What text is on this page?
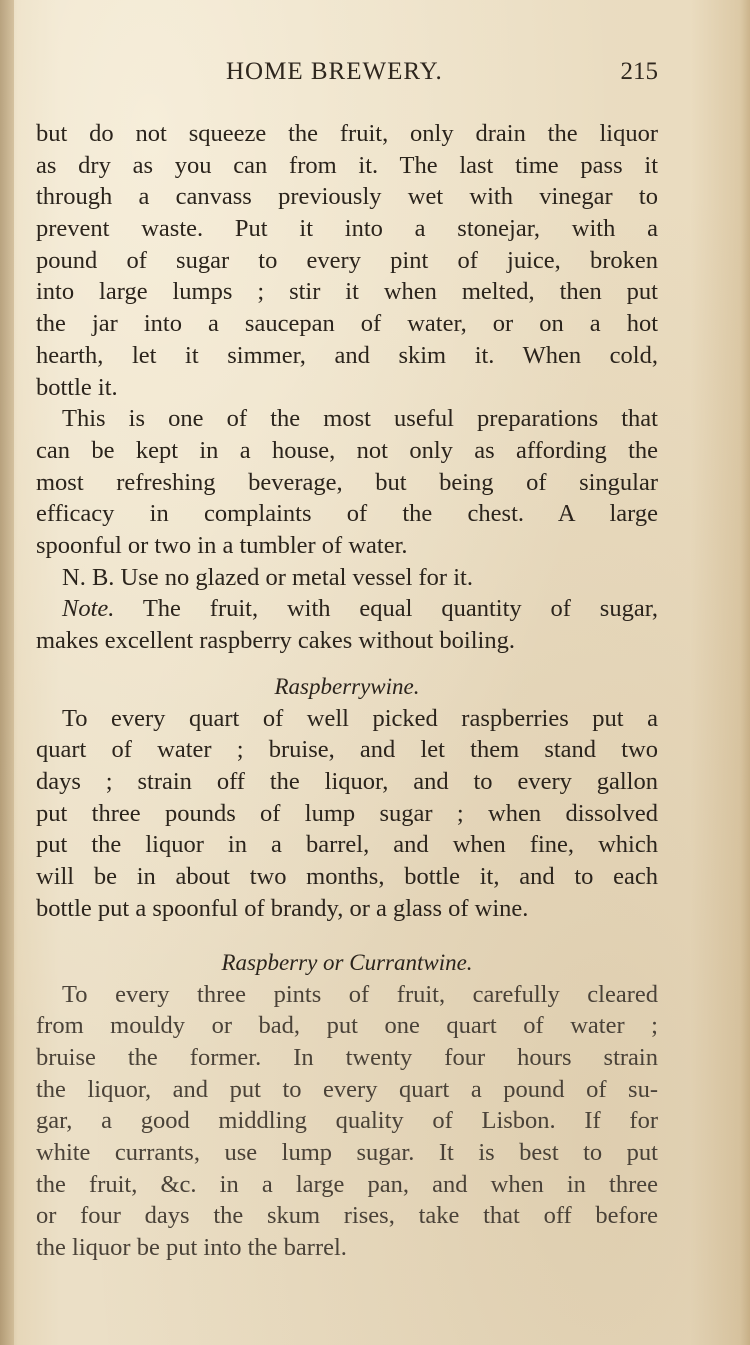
HOME BREWERY.	215
but do not squeeze the fruit, only drain the liquor
as dry as you can from it. The last time pass it
through a canvass previously wet with vinegar to
prevent waste. Put it into a stonejar, with a
pound of sugar to every pint of juice, broken
into large lumps ; stir it when melted, then put
the jar into a saucepan of water, or on a hot
hearth, let it simmer, and skim it. When cold,
bottle it.
This is one of the most useful preparations that
can be kept in a house, not only as affording the
most refreshing beverage, but being of singular
efficacy in complaints of the chest. A large
spoonful or two in a tumbler of water.
N. B. Use no glazed or metal vessel for it.
Note. The fruit, with equal quantity of sugar,
makes excellent raspberry cakes without boiling.
Raspberrywine.
To every quart of well picked raspberries put a
quart of water ; bruise, and let them stand two
days ; strain off the liquor, and to every gallon
put three pounds of lump sugar ; when dissolved
put the liquor in a barrel, and when fine, which
will be in about two months, bottle it, and to each
bottle put a spoonful of brandy, or a glass of wine.
Raspberry or Currantwine.
To every three pints of fruit, carefully cleared
from mouldy or bad, put one quart of water ;
bruise the former. In twenty four hours strain
the liquor, and put to every quart a pound of su-
gar, a good middling quality of Lisbon. If for
white currants, use lump sugar. It is best to put
the fruit, &c. in a large pan, and when in three
or four days the skum rises, take that off before
the liquor be put into the barrel.
